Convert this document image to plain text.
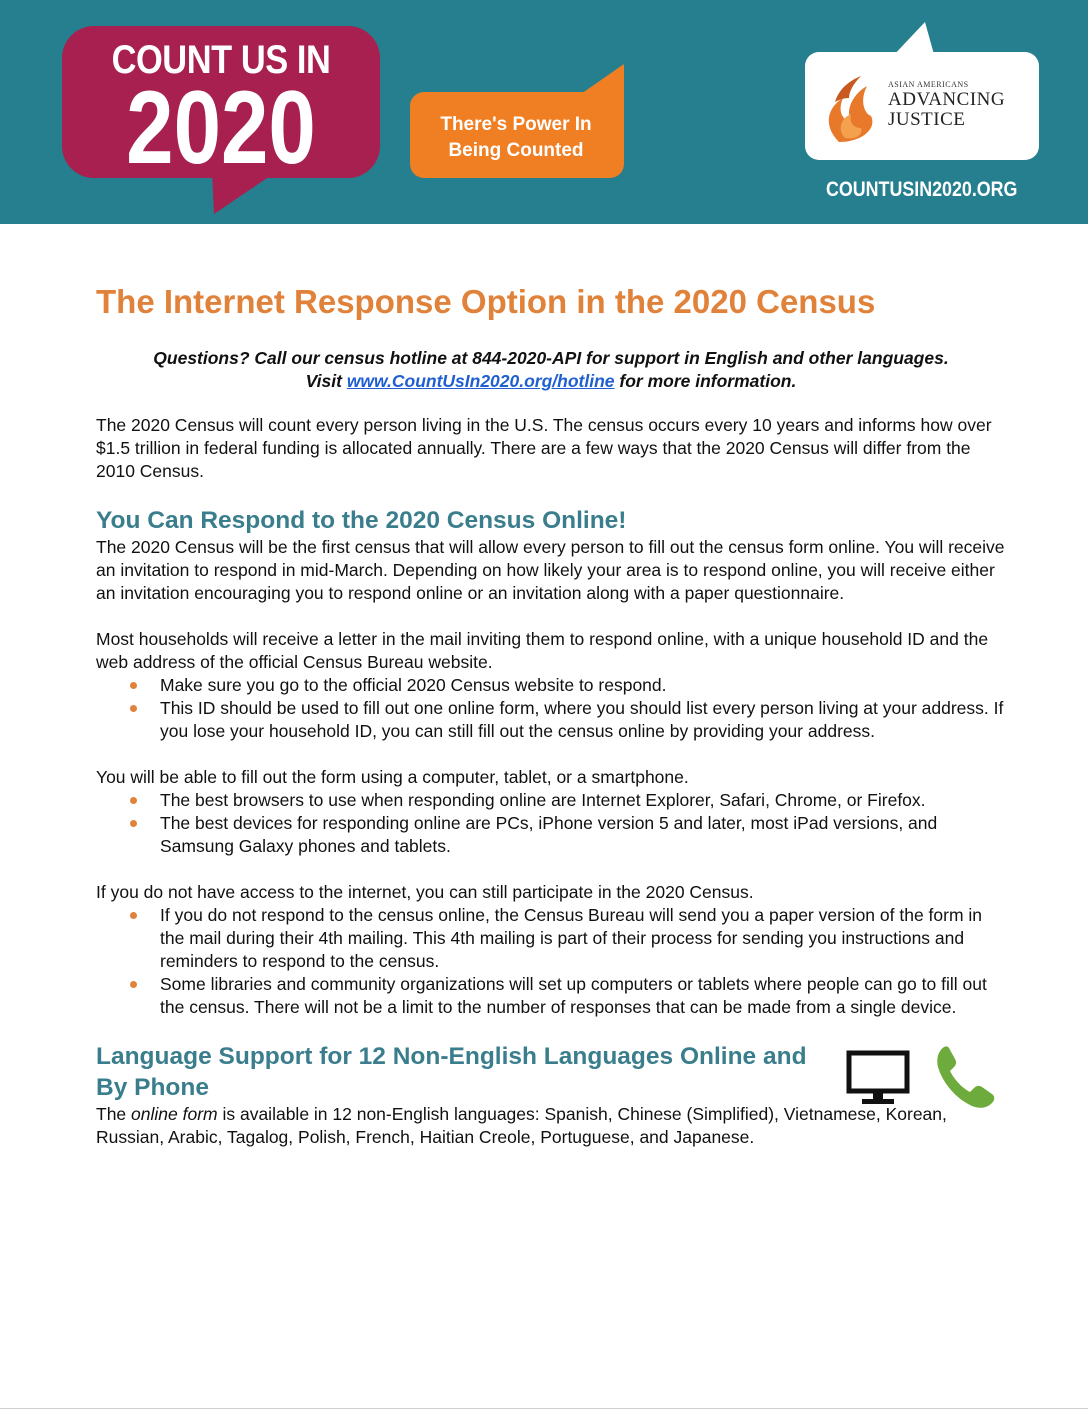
COUNT US IN
2020	There's Power In
Being Counted
ASIAN AMERICANS
ADVANCING
JUSTICE
COUNTUSIN2020.ORG
The Internet Response Option in the 2020 Census
Questions? Call our census hotline at 844-2020-API for support in English and other languages.
Visit www.CountUsIn2020.org/hotline for more information.

The 2020 Census will count every person living in the U.S. The census occurs every 10 years and informs how over $1.5 trillion in federal funding is allocated annually. There are a few ways that the 2020 Census will differ from the 2010 Census.

You Can Respond to the 2020 Census Online!

The 2020 Census will be the first census that will allow every person to fill out the census form online. You will receive an invitation to respond in mid-March. Depending on how likely your area is to respond online, you will receive either an invitation encouraging you to respond online or an invitation along with a paper questionnaire.

Most households will receive a letter in the mail inviting them to respond online, with a unique household ID and the web address of the official Census Bureau website.

Make sure you go to the official 2020 Census website to respond.
This ID should be used to fill out one online form, where you should list every person living at your address. If you lose your household ID, you can still fill out the census online by providing your address.

You will be able to fill out the form using a computer, tablet, or a smartphone.

The best browsers to use when responding online are Internet Explorer, Safari, Chrome, or Firefox.
The best devices for responding online are PCs, iPhone version 5 and later, most iPad versions, and Samsung Galaxy phones and tablets.

If you do not have access to the internet, you can still participate in the 2020 Census.

If you do not respond to the census online, the Census Bureau will send you a paper version of the form in the mail during their 4th mailing. This 4th mailing is part of their process for sending you instructions and reminders to respond to the census.
Some libraries and community organizations will set up computers or tablets where people can go to fill out the census. There will not be a limit to the number of responses that can be made from a single device.
Language Support for 12 Non-English Languages Online and By Phone

The online form is available in 12 non-English languages: Spanish, Chinese (Simplified), Vietnamese, Korean, Russian, Arabic, Tagalog, Polish, French, Haitian Creole, Portuguese, and Japanese.
